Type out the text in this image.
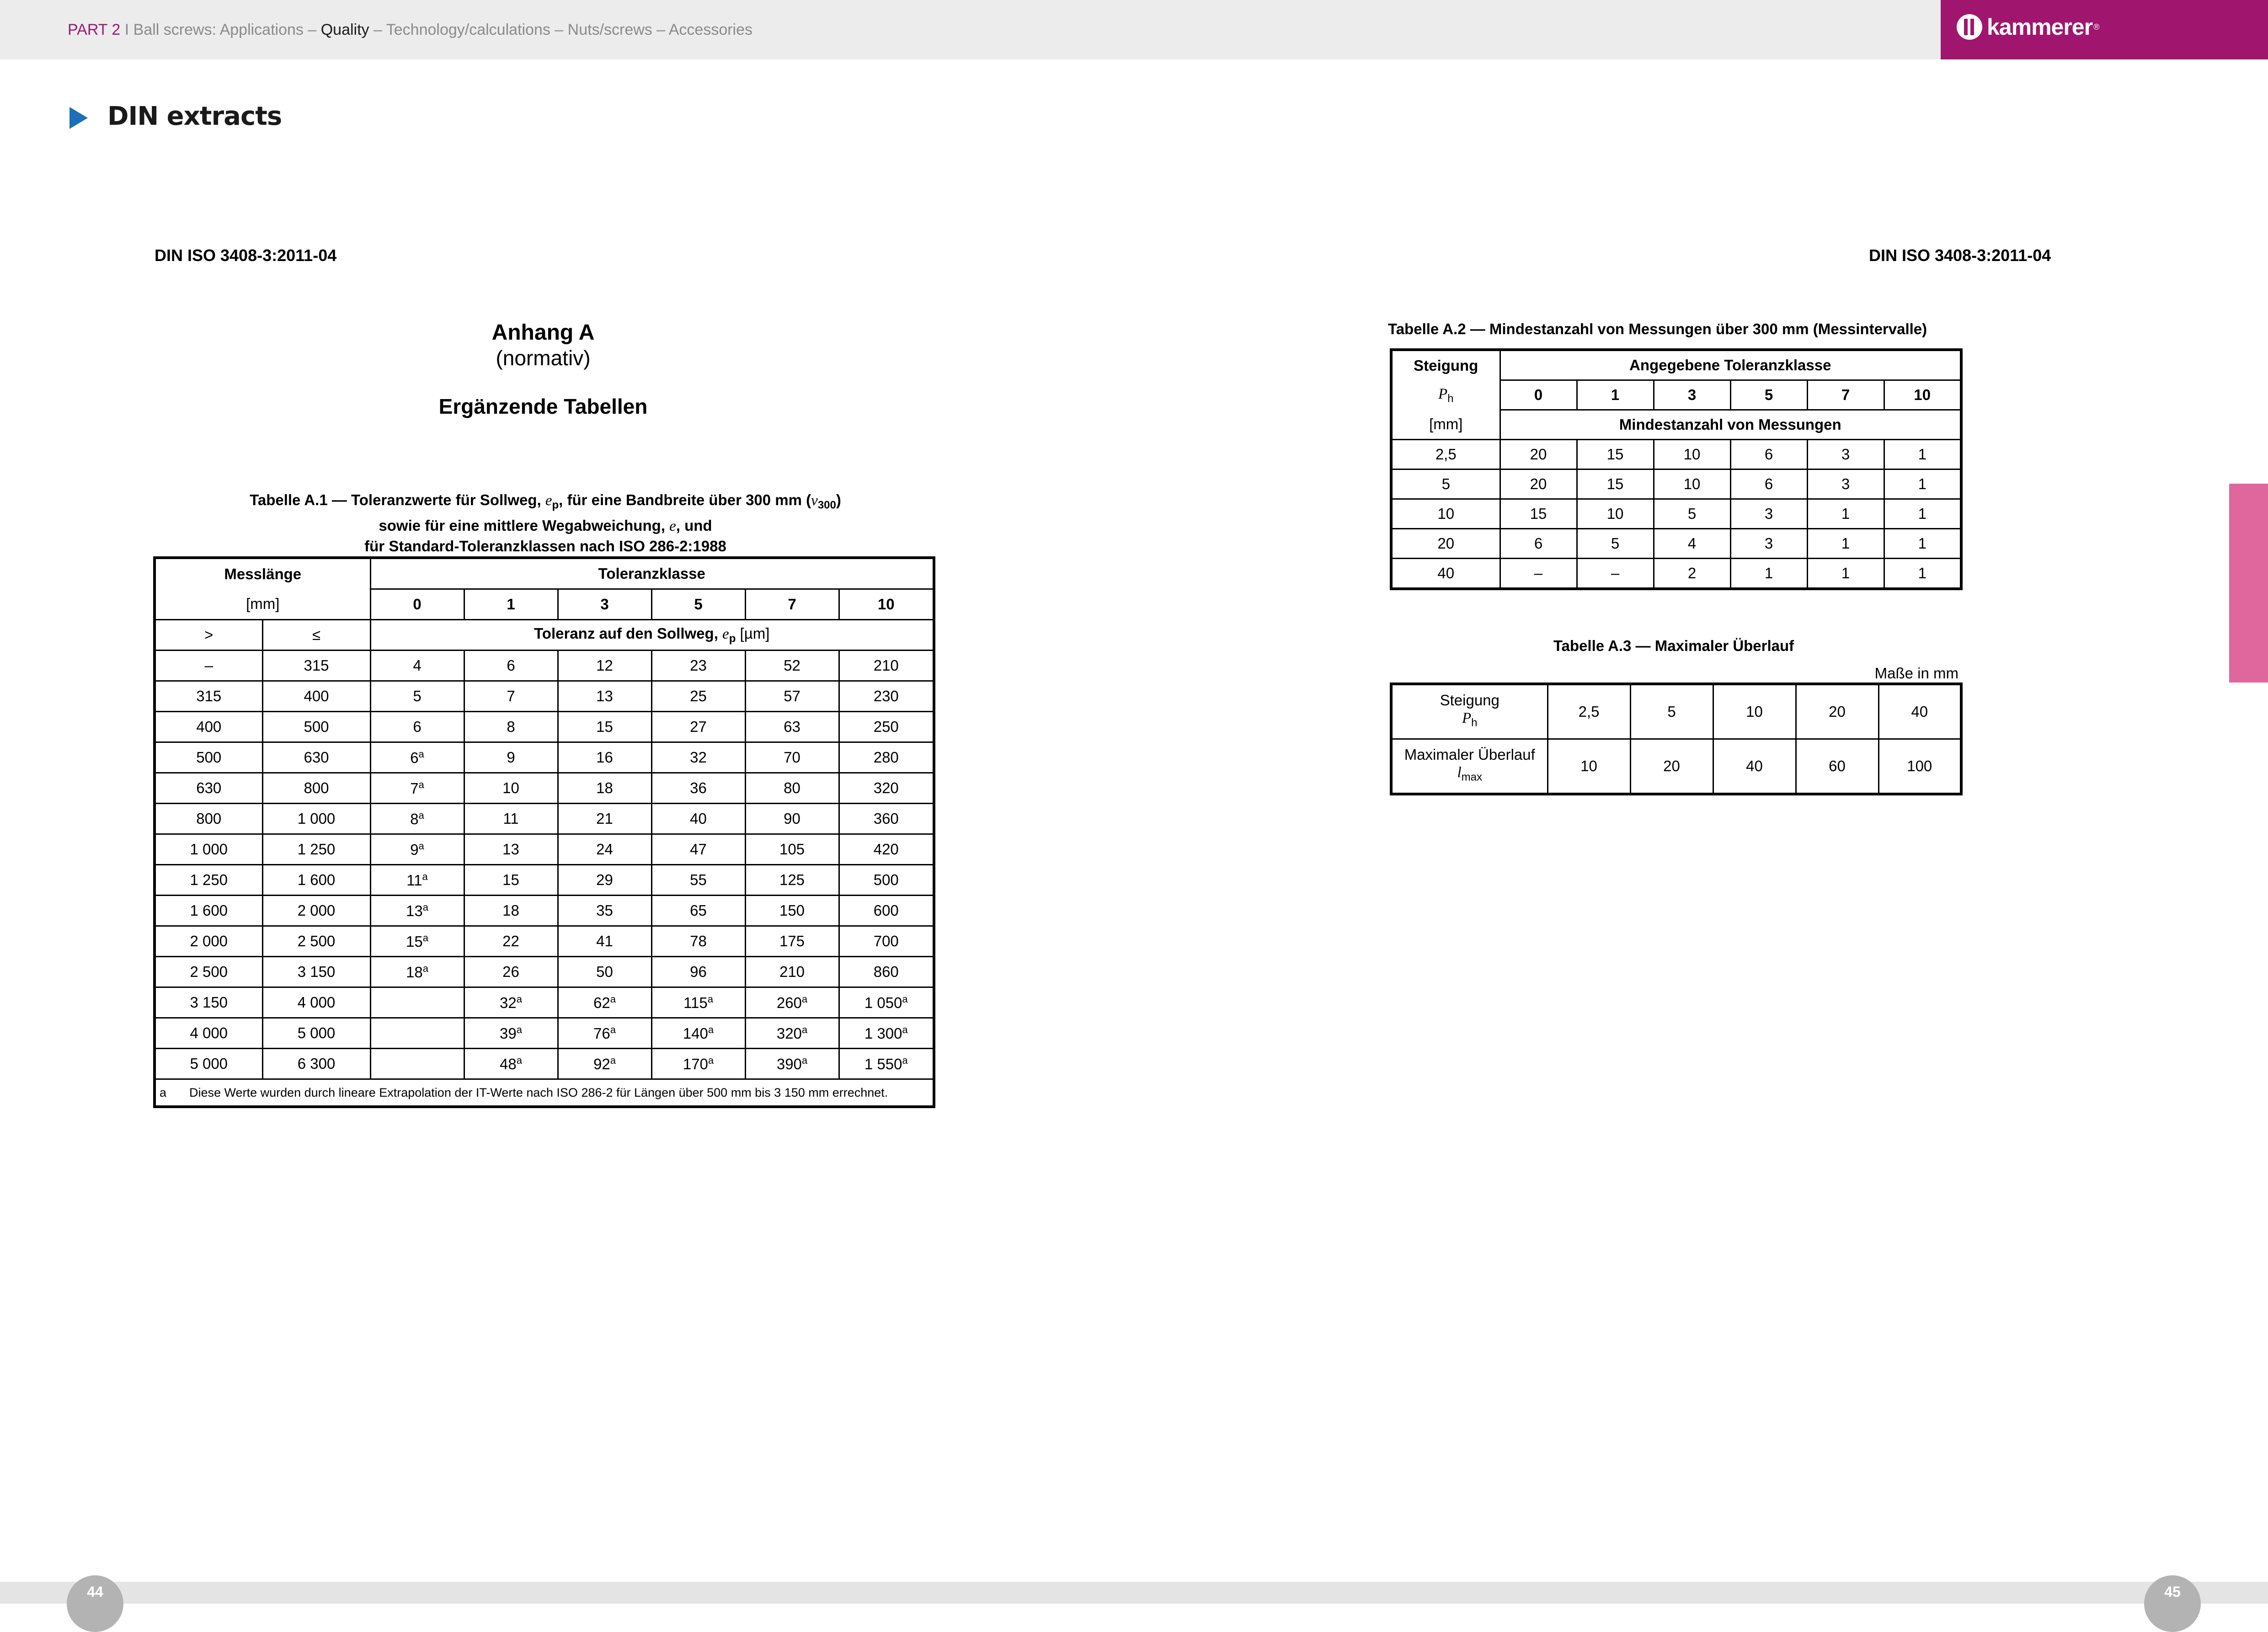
PART 2 I Ball screws: Applications – Quality – Technology/calculations – Nuts/screws – Accessories	kammerer ®
DIN extracts
DIN ISO 3408-3:2011-04	DIN ISO 3408-3:2011-04
Anhang A
(normativ)
Ergänzende Tabellen
Tabelle A.1 — Toleranzwerte für Sollweg, $e_p$, für eine Bandbreite über 300 mm $(v_{300})$
sowie für eine mittlere Wegabweichung, e, und
für Standard-Toleranzklassen nach ISO 286-2:1988
Messlänge		Toleranzklasse					
[mm]		0	1	3	5	7	10
>	≤	Toleranz auf den Sollweg, $e_p$ [µm]					
–	315	4	6	12	23	52	210
315	400	5	7	13	25	57	230
400	500	6	8	15	27	63	250
500	630	6$^a$	9	16	32	70	280
630	800	7$^a$	10	18	36	80	320
800	1 000	8$^a$	11	21	40	90	360
1 000	1 250	9$^a$	13	24	47	105	420
1 250	1 600	11$^a$	15	29	55	125	500
1 600	2 000	13$^a$	18	35	65	150	600
2 000	2 500	15$^a$	22	41	78	175	700
2 500	3 150	18$^a$	26	50	96	210	860
3 150	4 000		32$^a$	62$^a$	115$^a$	260$^a$	1 050$^a$
4 000	5 000		39$^a$	76$^a$	140$^a$	320$^a$	1 300$^a$
5 000	6 300		48$^a$	92$^a$	170$^a$	390$^a$	1 550$^a$
a Diese Werte wurden durch lineare Extrapolation der IT-Werte nach ISO 286-2 für Längen über 500 mm bis 3 150 mm errechnet.							
Tabelle A.2 — Mindestanzahl von Messungen über 300 mm (Messintervalle)
Steigung	Angegebene Toleranzklasse					
$P_h$	0	1	3	5	7	10
[mm]	Mindestanzahl von Messungen					
2,5	20	15	10	6	3	1
5	20	15	10	6	3	1
10	15	10	5	3	1	1
20	6	5	4	3	1	1
40	–	–	2	1	1	1
Tabelle A.3 — Maximaler Überlauf
Maße in mm
Steigung
$P_h$	2,5	5	10	20	40

Maximaler Überlauf
$l_{max}$	10	20	40	60	100
44	45
